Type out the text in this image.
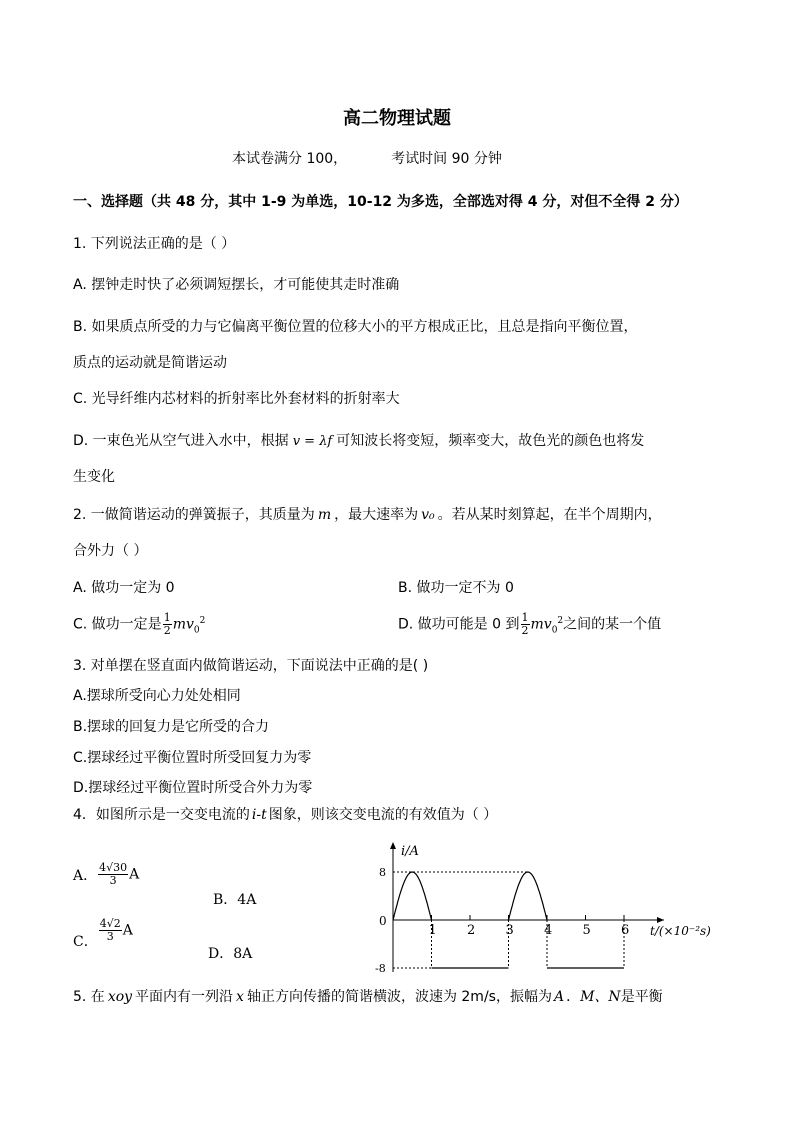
高二物理试题
本试卷满分 100，	考试时间 90 分钟
一、选择题（共 48 分，其中 1-9 为单选，10-12 为多选，全部选对得 4 分，对但不全得 2 分）
1. 下列说法正确的是（ ）
A. 摆钟走时快了必须调短摆长，才可能使其走时准确
B. 如果质点所受的力与它偏离平衡位置的位移大小的平方根成正比，且总是指向平衡位置，
质点的运动就是简谐运动
C. 光导纤维内芯材料的折射率比外套材料的折射率大
D. 一束色光从空气进入水中，根据 v = λf 可知波长将变短，频率变大，故色光的颜色也将发
生变化
2. 一做简谐运动的弹簧振子，其质量为 m ，最大速率为 v₀ 。若从某时刻算起，在半个周期内，
合外力（ ）
A. 做功一定为 0	B. 做功一定不为 0
C. 做功一定是 $\frac{1}{2} mv_0^2$	D. 做功可能是 0 到 $\frac{1}{2} mv_0^2$之间的某一个值
3. 对单摆在竖直面内做简谐运动，下面说法中正确的是( )
A.摆球所受向心力处处相同
B.摆球的回复力是它所受的合力
C.摆球经过平衡位置时所受回复力为零
D.摆球经过平衡位置时所受合外力为零
4．如图所示是一交变电流的 i-t 图象，则该交变电流的有效值为（ ）
A． $\frac{4√30}{3}$ A
B．4A
C． $\frac{4√2}{3}$ A
D．8A
1 2 3 4 5 6
8
-8
0
i/A
t/(×10⁻²s)
5. 在 xoy 平面内有一列沿 x 轴正方向传播的简谐横波，波速为 2m/s，振幅为 A ．M、N是平衡
